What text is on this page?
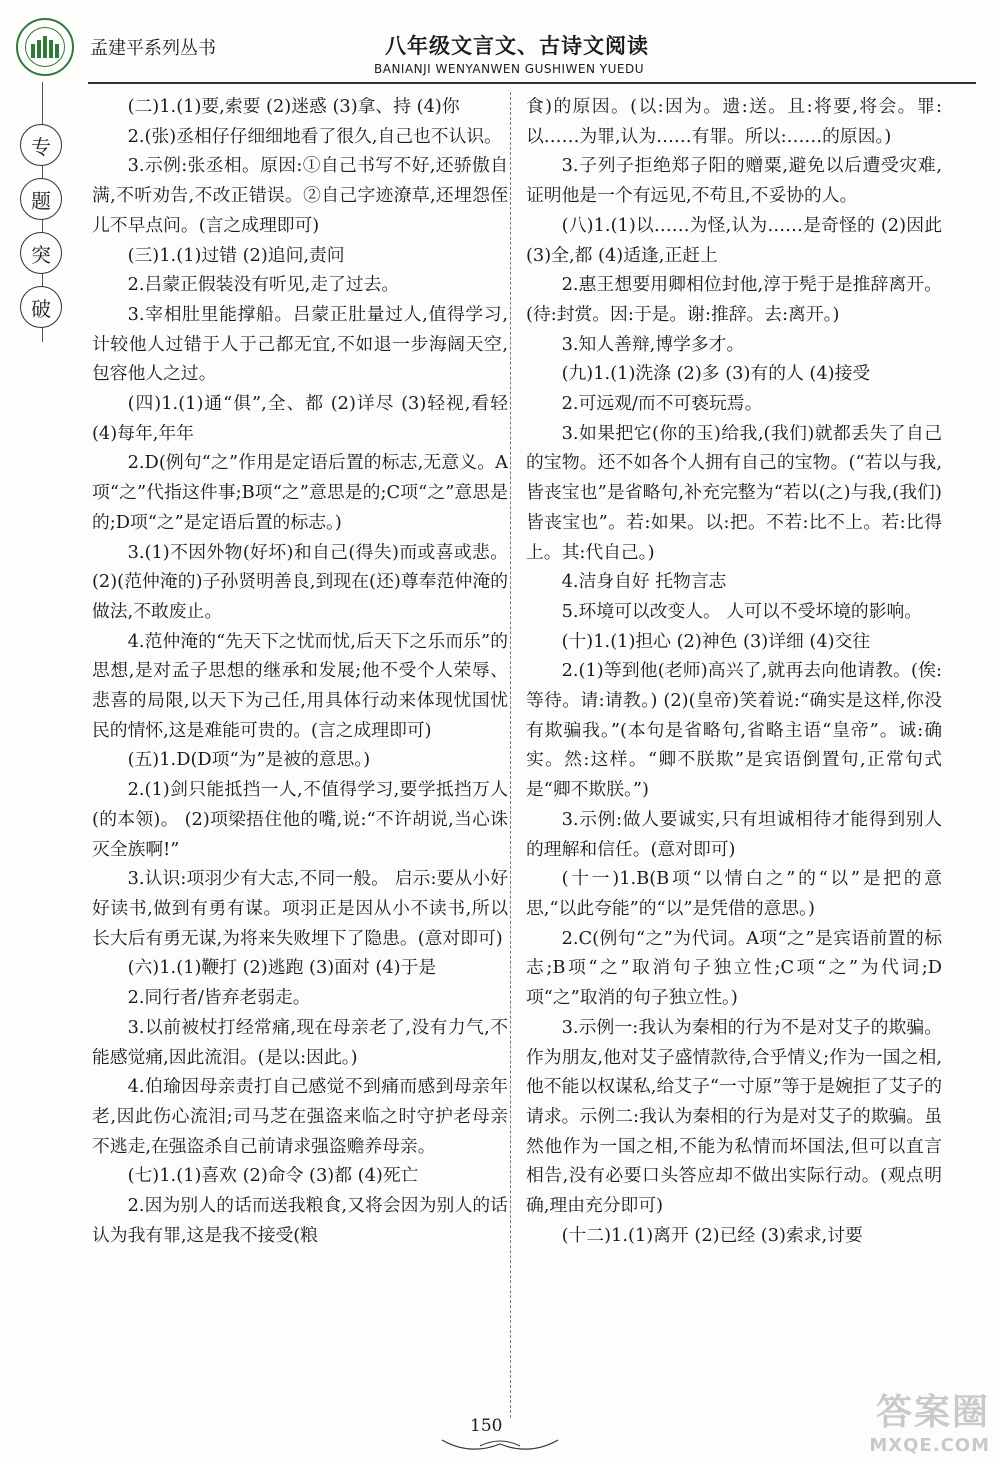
孟建平系列丛书	八年级文言文、古诗文阅读
BANIANJI WENYANWEN GUSHIWEN YUEDU
专
题
突
破

(二)1.(1)要,索要 (2)迷惑 (3)拿、持 (4)你

2.(张)丞相仔仔细细地看了很久,自己也不认识。

3.示例:张丞相。原因:①自己书写不好,还骄傲自满,不听劝告,不改正错误。②自己字迹潦草,还埋怨侄儿不早点问。(言之成理即可)

(三)1.(1)过错 (2)追问,责问

2.吕蒙正假装没有听见,走了过去。

3.宰相肚里能撑船。吕蒙正肚量过人,值得学习,计较他人过错于人于己都无宜,不如退一步海阔天空,包容他人之过。

(四)1.(1)通“俱”,全、都 (2)详尽 (3)轻视,看轻 (4)每年,年年

2.D(例句“之”作用是定语后置的标志,无意义。A项“之”代指这件事;B项“之”意思是的;C项“之”意思是的;D项“之”是定语后置的标志。)

3.(1)不因外物(好坏)和自己(得失)而或喜或悲。 (2)(范仲淹的)子孙贤明善良,到现在(还)尊奉范仲淹的做法,不敢废止。

4.范仲淹的“先天下之忧而忧,后天下之乐而乐”的思想,是对孟子思想的继承和发展;他不受个人荣辱、悲喜的局限,以天下为己任,用具体行动来体现忧国忧民的情怀,这是难能可贵的。(言之成理即可)

(五)1.D(D项“为”是被的意思。)

2.(1)剑只能抵挡一人,不值得学习,要学抵挡万人(的本领)。 (2)项梁捂住他的嘴,说:“不许胡说,当心诛灭全族啊!”

3.认识:项羽少有大志,不同一般。 启示:要从小好好读书,做到有勇有谋。项羽正是因从小不读书,所以长大后有勇无谋,为将来失败埋下了隐患。(意对即可)

(六)1.(1)鞭打 (2)逃跑 (3)面对 (4)于是

2.同行者/皆弃老弱走。

3.以前被杖打经常痛,现在母亲老了,没有力气,不能感觉痛,因此流泪。(是以:因此。)

4.伯瑜因母亲责打自己感觉不到痛而感到母亲年老,因此伤心流泪;司马芝在强盗来临之时守护老母亲不逃走,在强盗杀自己前请求强盗赡养母亲。

(七)1.(1)喜欢 (2)命令 (3)都 (4)死亡

2.因为别人的话而送我粮食,又将会因为别人的话认为我有罪,这是我不接受(粮

食)的原因。(以:因为。遗:送。且:将要,将会。罪:以……为罪,认为……有罪。所以:……的原因。)

3.子列子拒绝郑子阳的赠粟,避免以后遭受灾难,证明他是一个有远见,不苟且,不妥协的人。

(八)1.(1)以……为怪,认为……是奇怪的 (2)因此 (3)全,都 (4)适逢,正赶上

2.惠王想要用卿相位封他,淳于髡于是推辞离开。(待:封赏。因:于是。谢:推辞。去:离开。)

3.知人善辩,博学多才。

(九)1.(1)洗涤 (2)多 (3)有的人 (4)接受

2.可远观/而不可亵玩焉。

3.如果把它(你的玉)给我,(我们)就都丢失了自己的宝物。还不如各个人拥有自己的宝物。(“若以与我,皆丧宝也”是省略句,补充完整为“若以(之)与我,(我们)皆丧宝也”。若:如果。以:把。不若:比不上。若:比得上。其:代自己。)

4.洁身自好 托物言志

5.环境可以改变人。 人可以不受坏境的影响。

(十)1.(1)担心 (2)神色 (3)详细 (4)交往

2.(1)等到他(老师)高兴了,就再去向他请教。(俟:等待。请:请教。) (2)(皇帝)笑着说:“确实是这样,你没有欺骗我。”(本句是省略句,省略主语“皇帝”。诚:确实。然:这样。“卿不朕欺”是宾语倒置句,正常句式是“卿不欺朕。”)

3.示例:做人要诚实,只有坦诚相待才能得到别人的理解和信任。(意对即可)

(十一)1.B(B项“以情白之”的“以”是把的意思,“以此夸能”的“以”是凭借的意思。)

2.C(例句“之”为代词。A项“之”是宾语前置的标志;B项“之”取消句子独立性;C项“之”为代词;D项“之”取消的句子独立性。)

3.示例一:我认为秦相的行为不是对艾子的欺骗。作为朋友,他对艾子盛情款待,合乎情义;作为一国之相,他不能以权谋私,给艾子“一寸原”等于是婉拒了艾子的请求。示例二:我认为秦相的行为是对艾子的欺骗。虽然他作为一国之相,不能为私情而坏国法,但可以直言相告,没有必要口头答应却不做出实际行动。(观点明确,理由充分即可)

(十二)1.(1)离开 (2)已经 (3)索求,讨要

150	答案圈
MXQE.COM
